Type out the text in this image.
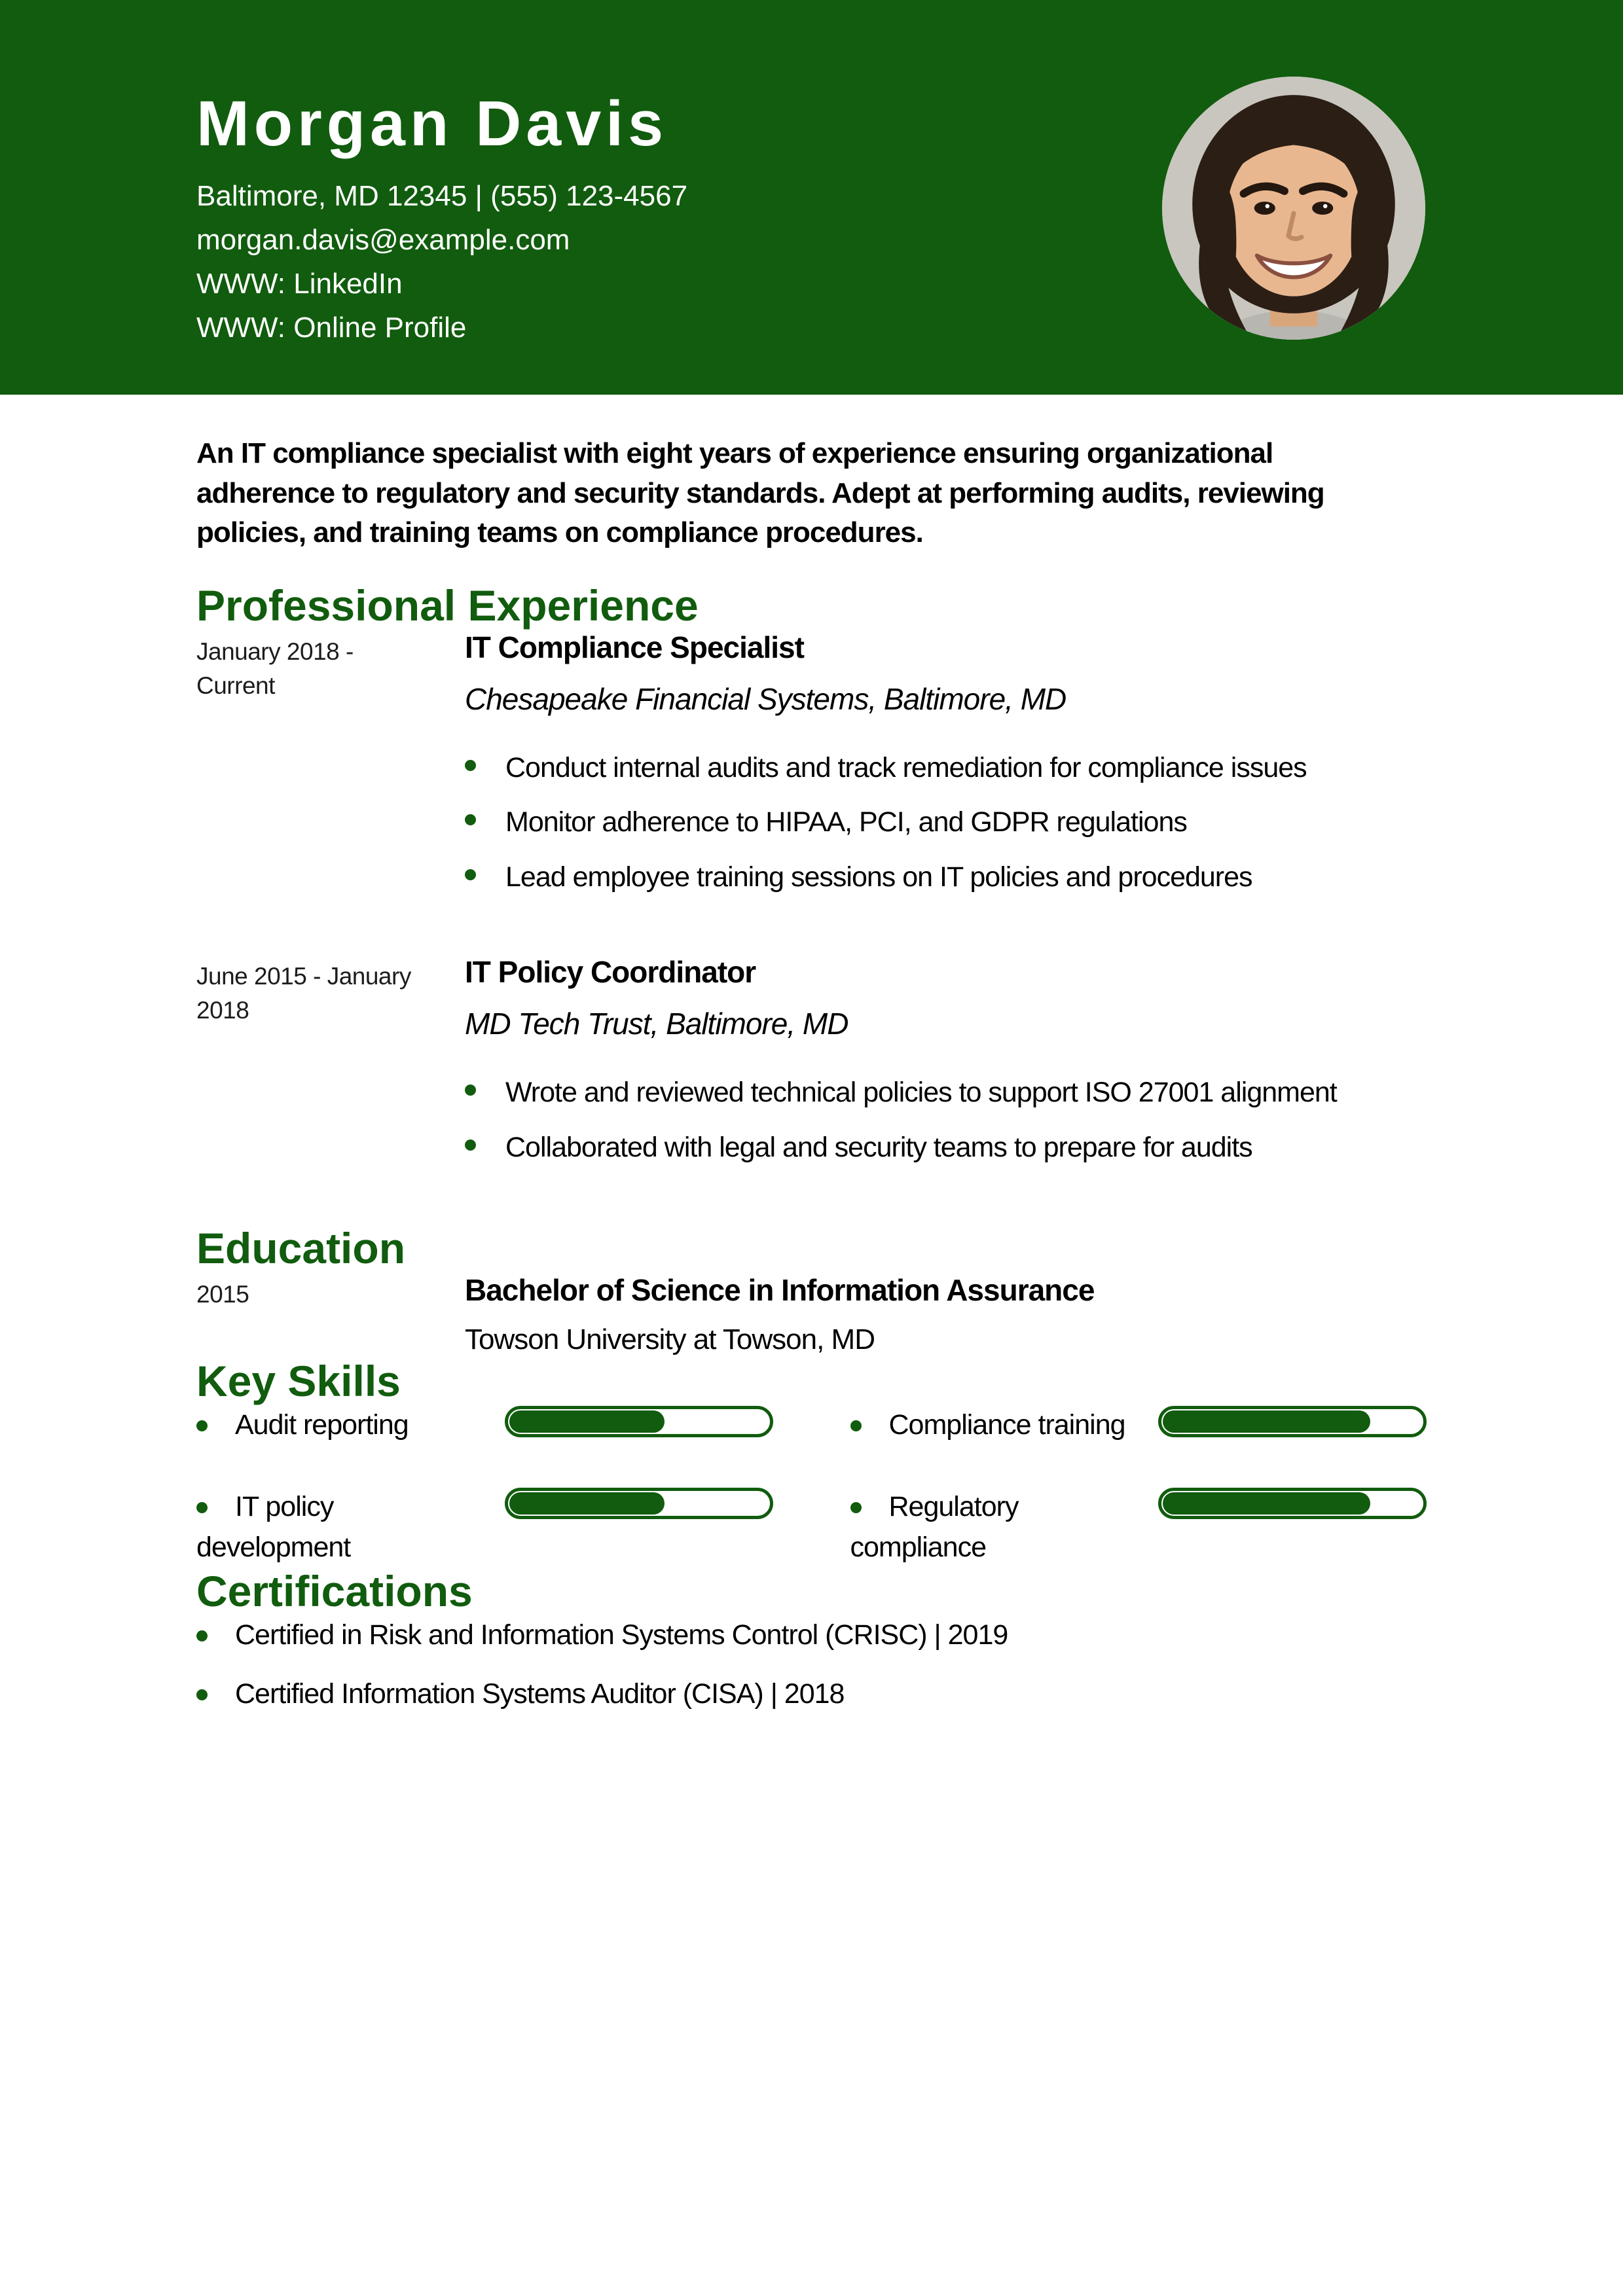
Morgan Davis
Baltimore, MD 12345 | (555) 123-4567
morgan.davis@example.com
WWW: LinkedIn
WWW: Online Profile

An IT compliance specialist with eight years of experience ensuring organizational adherence to regulatory and security standards. Adept at performing audits, reviewing policies, and training teams on compliance procedures.

Professional Experience
January 2018 - Current
IT Compliance Specialist
Chesapeake Financial Systems, Baltimore, MD
Conduct internal audits and track remediation for compliance issues
Monitor adherence to HIPAA, PCI, and GDPR regulations
Lead employee training sessions on IT policies and procedures
June 2015 - January 2018
IT Policy Coordinator
MD Tech Trust, Baltimore, MD
Wrote and reviewed technical policies to support ISO 27001 alignment
Collaborated with legal and security teams to prepare for audits
Education
2015	Bachelor of Science in Information Assurance
Towson University at Towson, MD
Key Skills
Audit reporting	Compliance training
IT policy development
Regulatory compliance
Certifications
Certified in Risk and Information Systems Control (CRISC) | 2019
Certified Information Systems Auditor (CISA) | 2018
